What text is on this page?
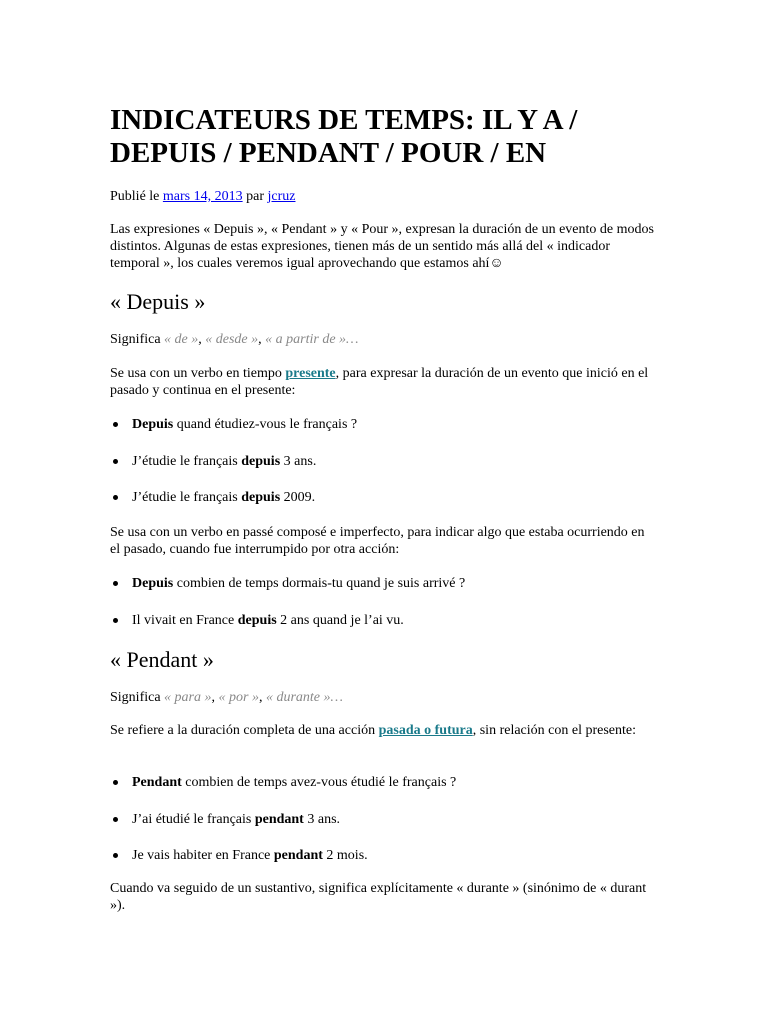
INDICATEURS DE TEMPS: IL Y A / DEPUIS / PENDANT / POUR / EN
Publié le mars 14, 2013 par jcruz

Las expresiones « Depuis », « Pendant » y « Pour », expresan la duración de un evento de modos distintos. Algunas de estas expresiones, tienen más de un sentido más allá del « indicador temporal », los cuales veremos igual aprovechando que estamos ahí☺

« Depuis »

Significa « de », « desde », « a partir de »…

Se usa con un verbo en tiempo presente, para expresar la duración de un evento que inició en el pasado y continua en el presente:

Depuis quand étudiez-vous le français ?
J’étudie le français depuis 3 ans.
J’étudie le français depuis 2009.

Se usa con un verbo en passé composé e imperfecto, para indicar algo que estaba ocurriendo en el pasado, cuando fue interrumpido por otra acción:

Depuis combien de temps dormais-tu quand je suis arrivé ?
Il vivait en France depuis 2 ans quand je l’ai vu.
« Pendant »

Significa « para », « por », « durante »…

Se refiere a la duración completa de una acción pasada o futura, sin relación con el presente:

Pendant combien de temps avez-vous étudié le français ?
J’ai étudié le français pendant 3 ans.
Je vais habiter en France pendant 2 mois.

Cuando va seguido de un sustantivo, significa explícitamente « durante » (sinónimo de « durant »).
